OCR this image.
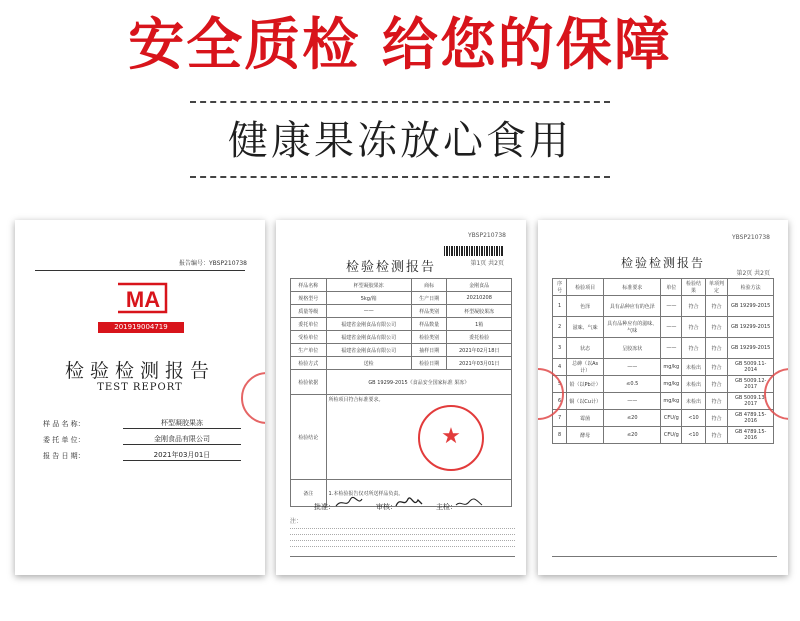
安全质检 给您的保障
健康果冻放心食用
报告编号：YBSP210738
MA
201919004719
检验检测报告
TEST REPORT
样 品 名 称：	杯型凝胶果冻
委 托 单 位：	金刚食品有限公司
报 告 日 期：	2021年03月01日
YBSP210738
检验检测报告	第1页 共2页
样品名称	杯型凝胶果冻	商标	金刚食品
规格型号	5kg/箱	生产日期	20210208
质量等级	——	样品类别	杯型凝胶果冻
委托单位	福建省金刚食品有限公司	样品数量	1箱
受检单位	福建省金刚食品有限公司	检验类别	委托检验
生产单位	福建省金刚食品有限公司	抽样日期	2021年02月18日
检验方式	送检	检验日期	2021年03月01日
检验依据	GB 19299-2015《食品安全国家标准 果冻》		
检验结论	所检项目符合标准要求。		
备注	1.本检验报告仅对所送样品负责。		
★
批准：	审核：	主检：
注：
YBSP210738
检验检测报告
第2页 共2页
序号	检验项目	标准要求	单位	检验结果	单项判定	检验方法
1	色泽	具有品种应有的色泽	——	符合	符合	GB 19299-2015
2	滋味、气味	具有品种应有的滋味、气味	——	符合	符合	GB 19299-2015
3	状态	呈胶冻状	——	符合	符合	GB 19299-2015
4	总砷（以As计）	——	mg/kg	未检出	符合	GB 5009.11-2014
5	铅（以Pb计）	≤0.5	mg/kg	未检出	符合	GB 5009.12-2017
6	铜（以Cu计）	——	mg/kg	未检出	符合	GB 5009.13-2017
7	霉菌	≤20	CFU/g	<10	符合	GB 4789.15-2016
8	酵母	≤20	CFU/g	<10	符合	GB 4789.15-2016
